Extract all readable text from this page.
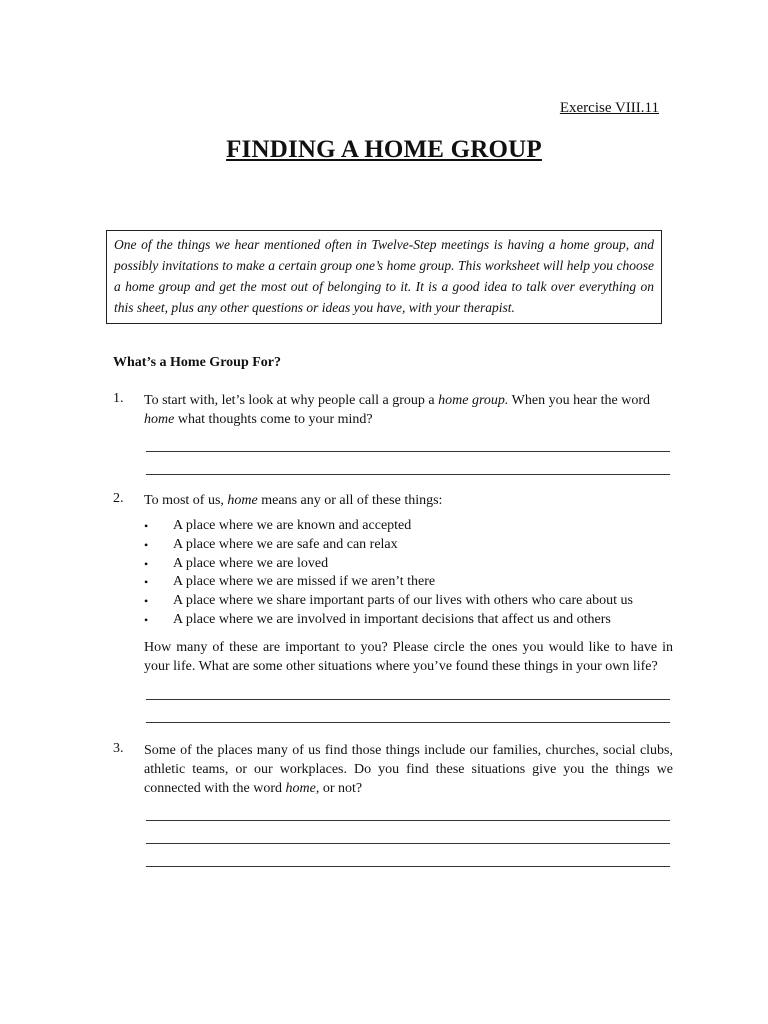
Exercise VIII.11
FINDING A HOME GROUP
One of the things we hear mentioned often in Twelve-Step meetings is having a home group, and possibly invitations to make a certain group one’s home group. This worksheet will help you choose a home group and get the most out of belonging to it. It is a good idea to talk over everything on this sheet, plus any other questions or ideas you have, with your therapist.
What’s a Home Group For?
1. To start with, let’s look at why people call a group a home group. When you hear the word home what thoughts come to your mind?
2. To most of us, home means any or all of these things:
• A place where we are known and accepted
• A place where we are safe and can relax
• A place where we are loved
• A place where we are missed if we aren’t there
• A place where we share important parts of our lives with others who care about us
• A place where we are involved in important decisions that affect us and others
How many of these are important to you? Please circle the ones you would like to have in your life. What are some other situations where you’ve found these things in your own life?
3. Some of the places many of us find those things include our families, churches, social clubs, athletic teams, or our workplaces. Do you find these situations give you the things we connected with the word home, or not?
